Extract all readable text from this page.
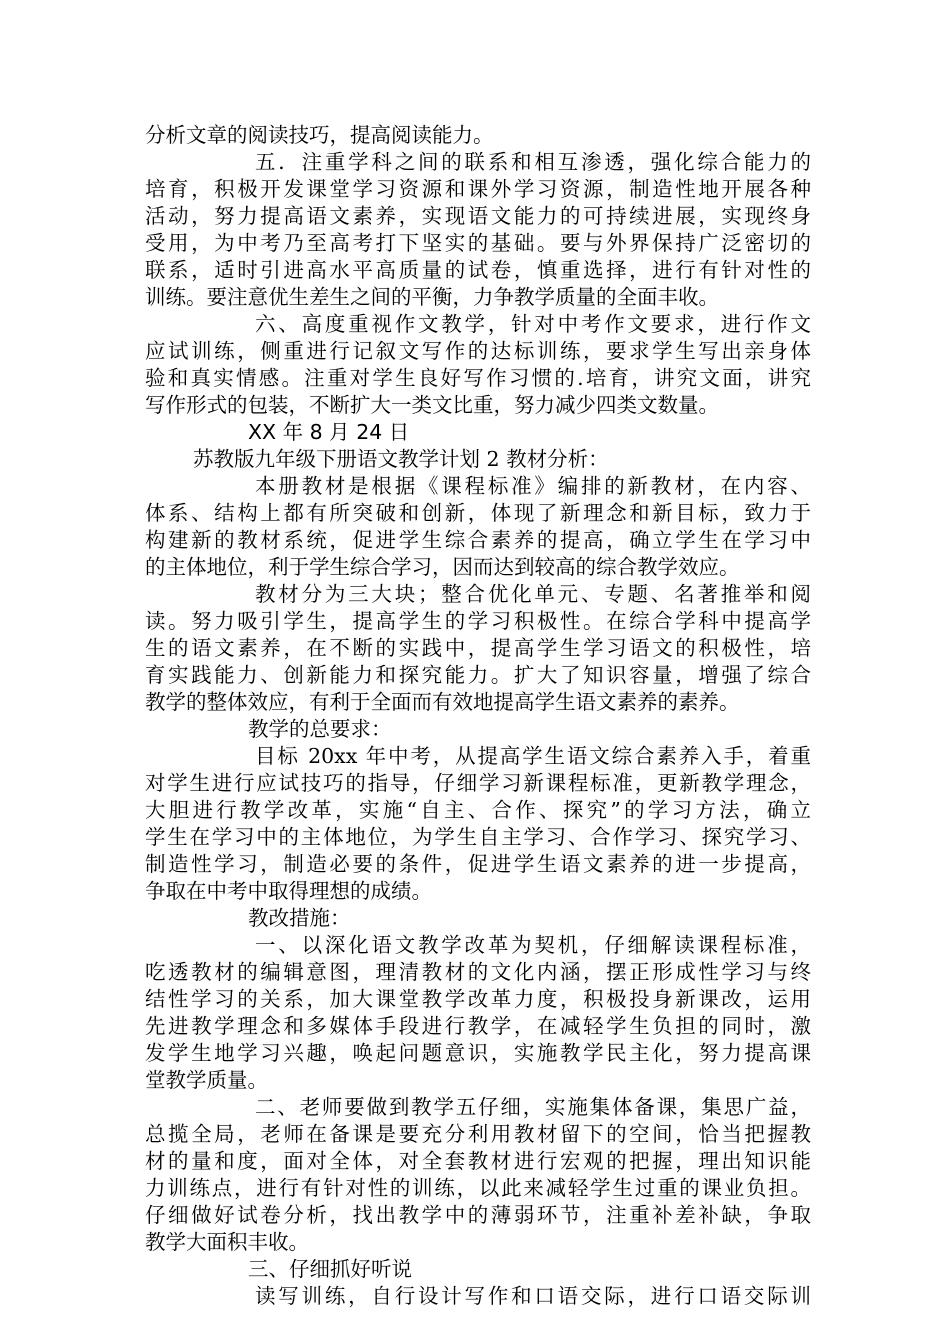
分析文章的阅读技巧，提高阅读能力。
五．注重学科之间的联系和相互渗透，强化综合能力的
培育，积极开发课堂学习资源和课外学习资源，制造性地开展各种
活动，努力提高语文素养，实现语文能力的可持续进展，实现终身
受用，为中考乃至高考打下坚实的基础。要与外界保持广泛密切的
联系，适时引进高水平高质量的试卷，慎重选择，进行有针对性的
训练。要注意优生差生之间的平衡，力争教学质量的全面丰收。
六、高度重视作文教学，针对中考作文要求，进行作文
应试训练，侧重进行记叙文写作的达标训练，要求学生写出亲身体
验和真实情感。注重对学生良好写作习惯的.培育，讲究文面，讲究
写作形式的包装，不断扩大一类文比重，努力减少四类文数量。
XX 年 8 月 24 日
苏教版九年级下册语文教学计划 2 教材分析：
本册教材是根据《课程标准》编排的新教材，在内容、
体系、结构上都有所突破和创新，体现了新理念和新目标，致力于
构建新的教材系统，促进学生综合素养的提高，确立学生在学习中
的主体地位，利于学生综合学习，因而达到较高的综合教学效应。
教材分为三大块；整合优化单元、专题、名著推举和阅
读。努力吸引学生，提高学生的学习积极性。在综合学科中提高学
生的语文素养，在不断的实践中，提高学生学习语文的积极性，培
育实践能力、创新能力和探究能力。扩大了知识容量，增强了综合
教学的整体效应，有利于全面而有效地提高学生语文素养的素养。
教学的总要求：
目标 20xx 年中考，从提高学生语文综合素养入手，着重
对学生进行应试技巧的指导，仔细学习新课程标准，更新教学理念，
大胆进行教学改革，实施“自主、合作、探究”的学习方法，确立
学生在学习中的主体地位，为学生自主学习、合作学习、探究学习、
制造性学习，制造必要的条件，促进学生语文素养的进一步提高，
争取在中考中取得理想的成绩。
教改措施：
一、以深化语文教学改革为契机，仔细解读课程标准，
吃透教材的编辑意图，理清教材的文化内涵，摆正形成性学习与终
结性学习的关系，加大课堂教学改革力度，积极投身新课改，运用
先进教学理念和多媒体手段进行教学，在减轻学生负担的同时，激
发学生地学习兴趣，唤起问题意识，实施教学民主化，努力提高课
堂教学质量。
二、老师要做到教学五仔细，实施集体备课，集思广益，
总揽全局，老师在备课是要充分利用教材留下的空间，恰当把握教
材的量和度，面对全体，对全套教材进行宏观的把握，理出知识能
力训练点，进行有针对性的训练，以此来减轻学生过重的课业负担。
仔细做好试卷分析，找出教学中的薄弱环节，注重补差补缺，争取
教学大面积丰收。
三、仔细抓好听说
读写训练，自行设计写作和口语交际，进行口语交际训
